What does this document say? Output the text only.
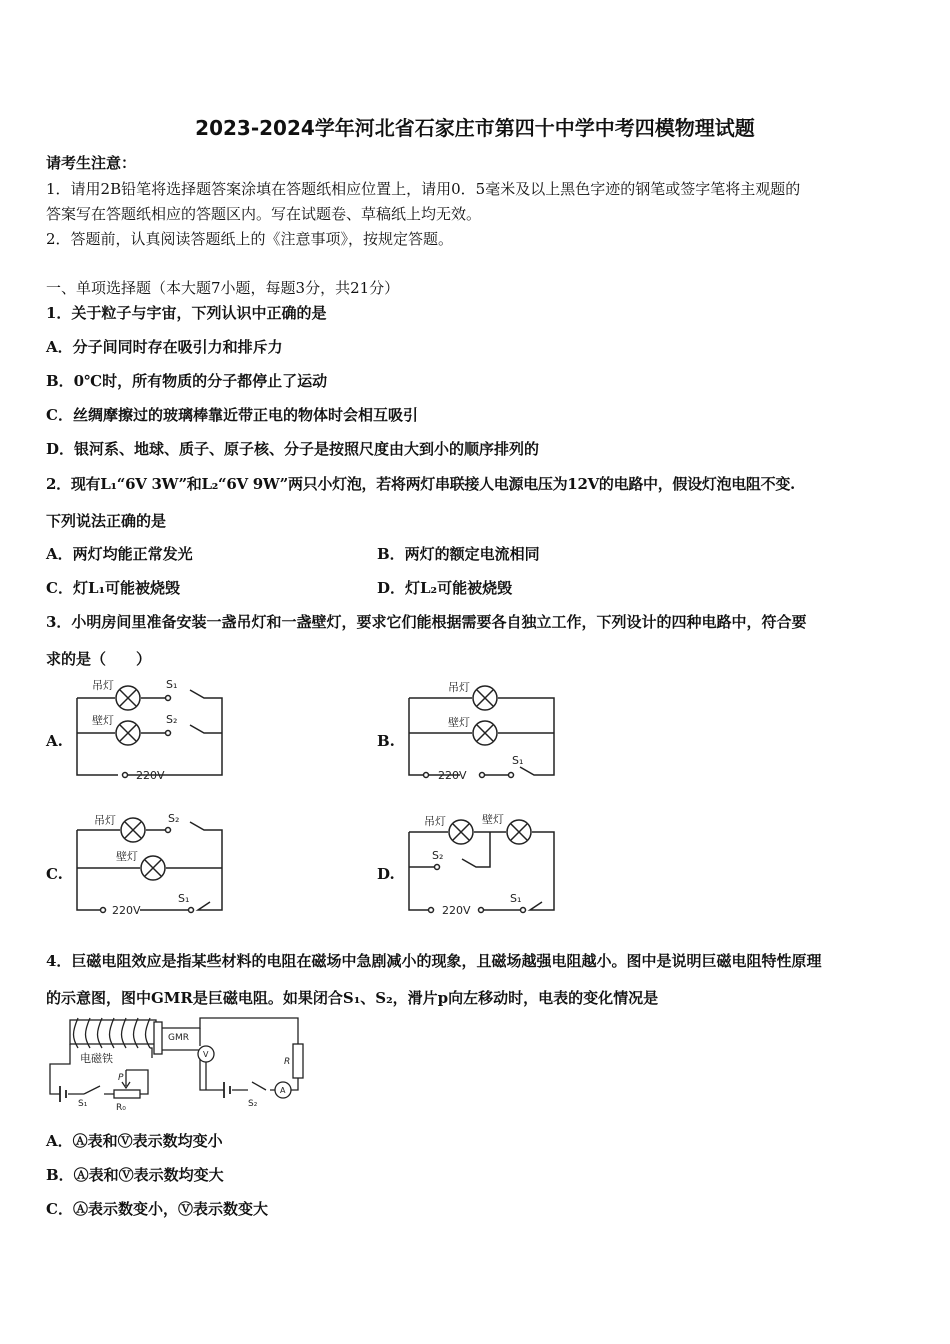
2023-2024学年河北省石家庄市第四十中学中考四模物理试题
请考生注意：
1．请用2B铅笔将选择题答案涂填在答题纸相应位置上，请用0．5毫米及以上黑色字迹的钢笔或签字笔将主观题的
答案写在答题纸相应的答题区内。写在试题卷、草稿纸上均无效。
2．答题前，认真阅读答题纸上的《注意事项》，按规定答题。
一、单项选择题（本大题7小题，每题3分，共21分）
1．关于粒子与宇宙，下列认识中正确的是
A．分子间同时存在吸引力和排斥力
B．0℃时，所有物质的分子都停止了运动
C．丝绸摩擦过的玻璃棒靠近带正电的物体时会相互吸引
D．银河系、地球、质子、原子核、分子是按照尺度由大到小的顺序排列的
2．现有L₁“6V 3W”和L₂“6V 9W”两只小灯泡，若将两灯串联接人电源电压为12V的电路中，假设灯泡电阻不变.
下列说法正确的是
A．两灯均能正常发光	B．两灯的额定电流相同
C．灯L₁可能被烧毁	D．灯L₂可能被烧毁
3．小明房间里准备安装一盏吊灯和一盏壁灯，要求它们能根据需要各自独立工作，下列设计的四种电路中，符合要
求的是（　　）
A.	B.
C.	D.
吊灯
壁灯
S₁
S₂
220V
吊灯
壁灯
S₁
220V
吊灯
壁灯
S₂
S₁
220V
吊灯	壁灯
S₂
S₁
220V
4．巨磁电阻效应是指某些材料的电阻在磁场中急剧减小的现象，且磁场越强电阻越小。图中是说明巨磁电阻特性原理
的示意图，图中GMR是巨磁电阻。如果闭合S₁、S₂，滑片p向左移动时，电表的变化情况是
GMR
电磁铁
P
R₀
S₁	S₂
R
V
A
A．Ⓐ表和Ⓥ表示数均变小
B．Ⓐ表和Ⓥ表示数均变大
C．Ⓐ表示数变小，Ⓥ表示数变大
